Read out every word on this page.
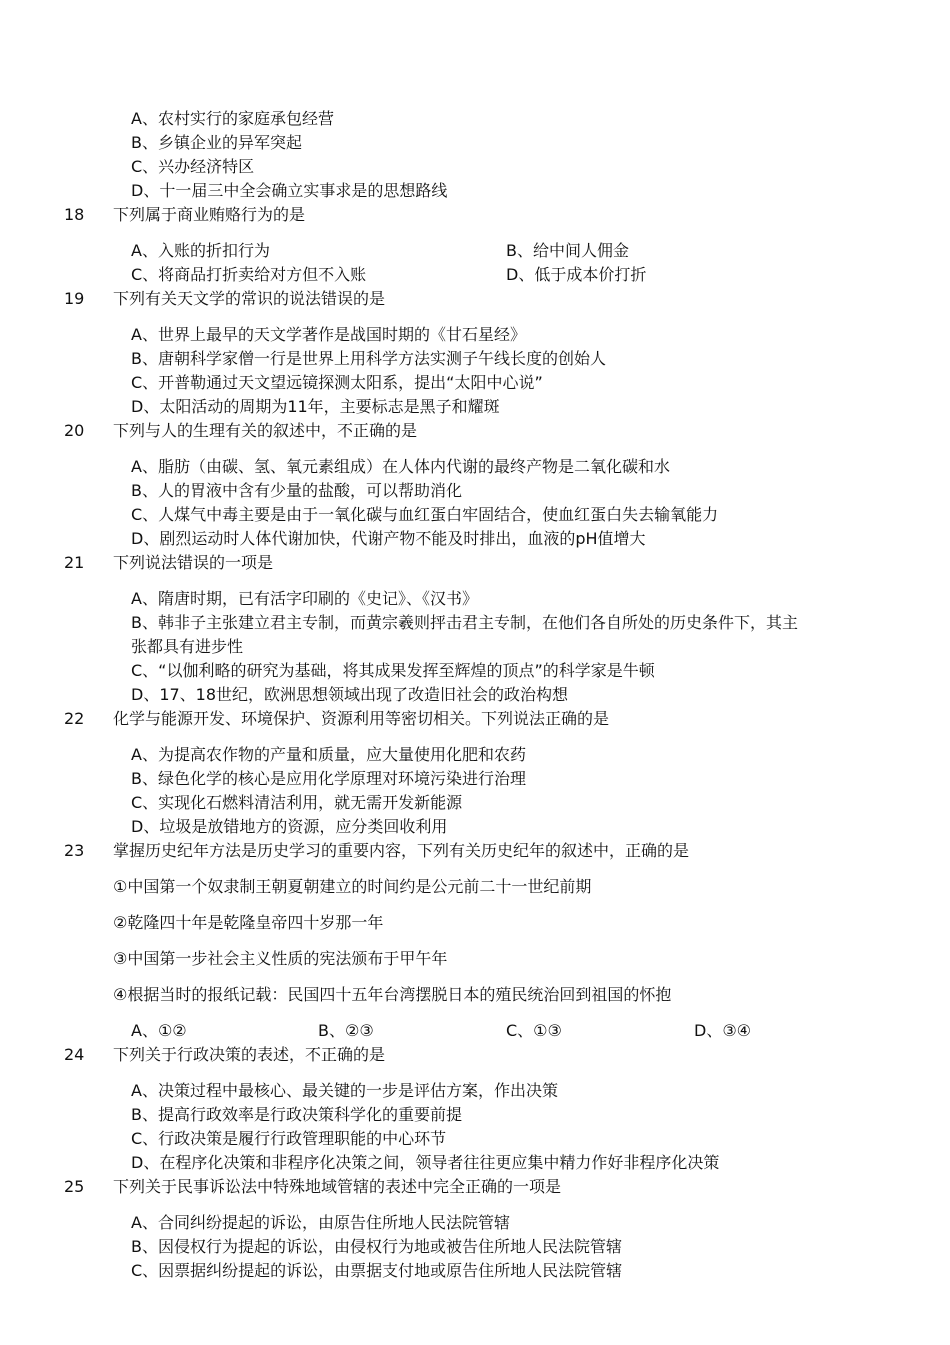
A、农村实行的家庭承包经营
B、乡镇企业的异军突起
C、兴办经济特区
D、十一届三中全会确立实事求是的思想路线
18 下列属于商业贿赂行为的是
A、入账的折扣行为	B、给中间人佣金
C、将商品打折卖给对方但不入账	D、低于成本价打折
19 下列有关天文学的常识的说法错误的是
A、世界上最早的天文学著作是战国时期的《甘石星经》
B、唐朝科学家僧一行是世界上用科学方法实测子午线长度的创始人
C、开普勒通过天文望远镜探测太阳系，提出“太阳中心说”
D、太阳活动的周期为11年，主要标志是黑子和耀斑
20 下列与人的生理有关的叙述中，不正确的是
A、脂肪（由碳、氢、氧元素组成）在人体内代谢的最终产物是二氧化碳和水
B、人的胃液中含有少量的盐酸，可以帮助消化
C、人煤气中毒主要是由于一氧化碳与血红蛋白牢固结合，使血红蛋白失去输氧能力
D、剧烈运动时人体代谢加快，代谢产物不能及时排出，血液的pH值增大
21 下列说法错误的一项是
A、隋唐时期，已有活字印刷的《史记》、《汉书》
B、韩非子主张建立君主专制，而黄宗羲则抨击君主专制，在他们各自所处的历史条件下，其主
张都具有进步性
C、“以伽利略的研究为基础，将其成果发挥至辉煌的顶点”的科学家是牛顿
D、17、18世纪，欧洲思想领域出现了改造旧社会的政治构想
22 化学与能源开发、环境保护、资源利用等密切相关。下列说法正确的是
A、为提高农作物的产量和质量，应大量使用化肥和农药
B、绿色化学的核心是应用化学原理对环境污染进行治理
C、实现化石燃料清洁利用，就无需开发新能源
D、垃圾是放错地方的资源，应分类回收利用
23 掌握历史纪年方法是历史学习的重要内容，下列有关历史纪年的叙述中，正确的是
①中国第一个奴隶制王朝夏朝建立的时间约是公元前二十一世纪前期
②乾隆四十年是乾隆皇帝四十岁那一年
③中国第一步社会主义性质的宪法颁布于甲午年
④根据当时的报纸记载：民国四十五年台湾摆脱日本的殖民统治回到祖国的怀抱
A、①②	B、②③	C、①③	D、③④
24 下列关于行政决策的表述，不正确的是
A、决策过程中最核心、最关键的一步是评估方案，作出决策
B、提高行政效率是行政决策科学化的重要前提
C、行政决策是履行行政管理职能的中心环节
D、在程序化决策和非程序化决策之间，领导者往往更应集中精力作好非程序化决策
25 下列关于民事诉讼法中特殊地域管辖的表述中完全正确的一项是
A、合同纠纷提起的诉讼，由原告住所地人民法院管辖
B、因侵权行为提起的诉讼，由侵权行为地或被告住所地人民法院管辖
C、因票据纠纷提起的诉讼，由票据支付地或原告住所地人民法院管辖
